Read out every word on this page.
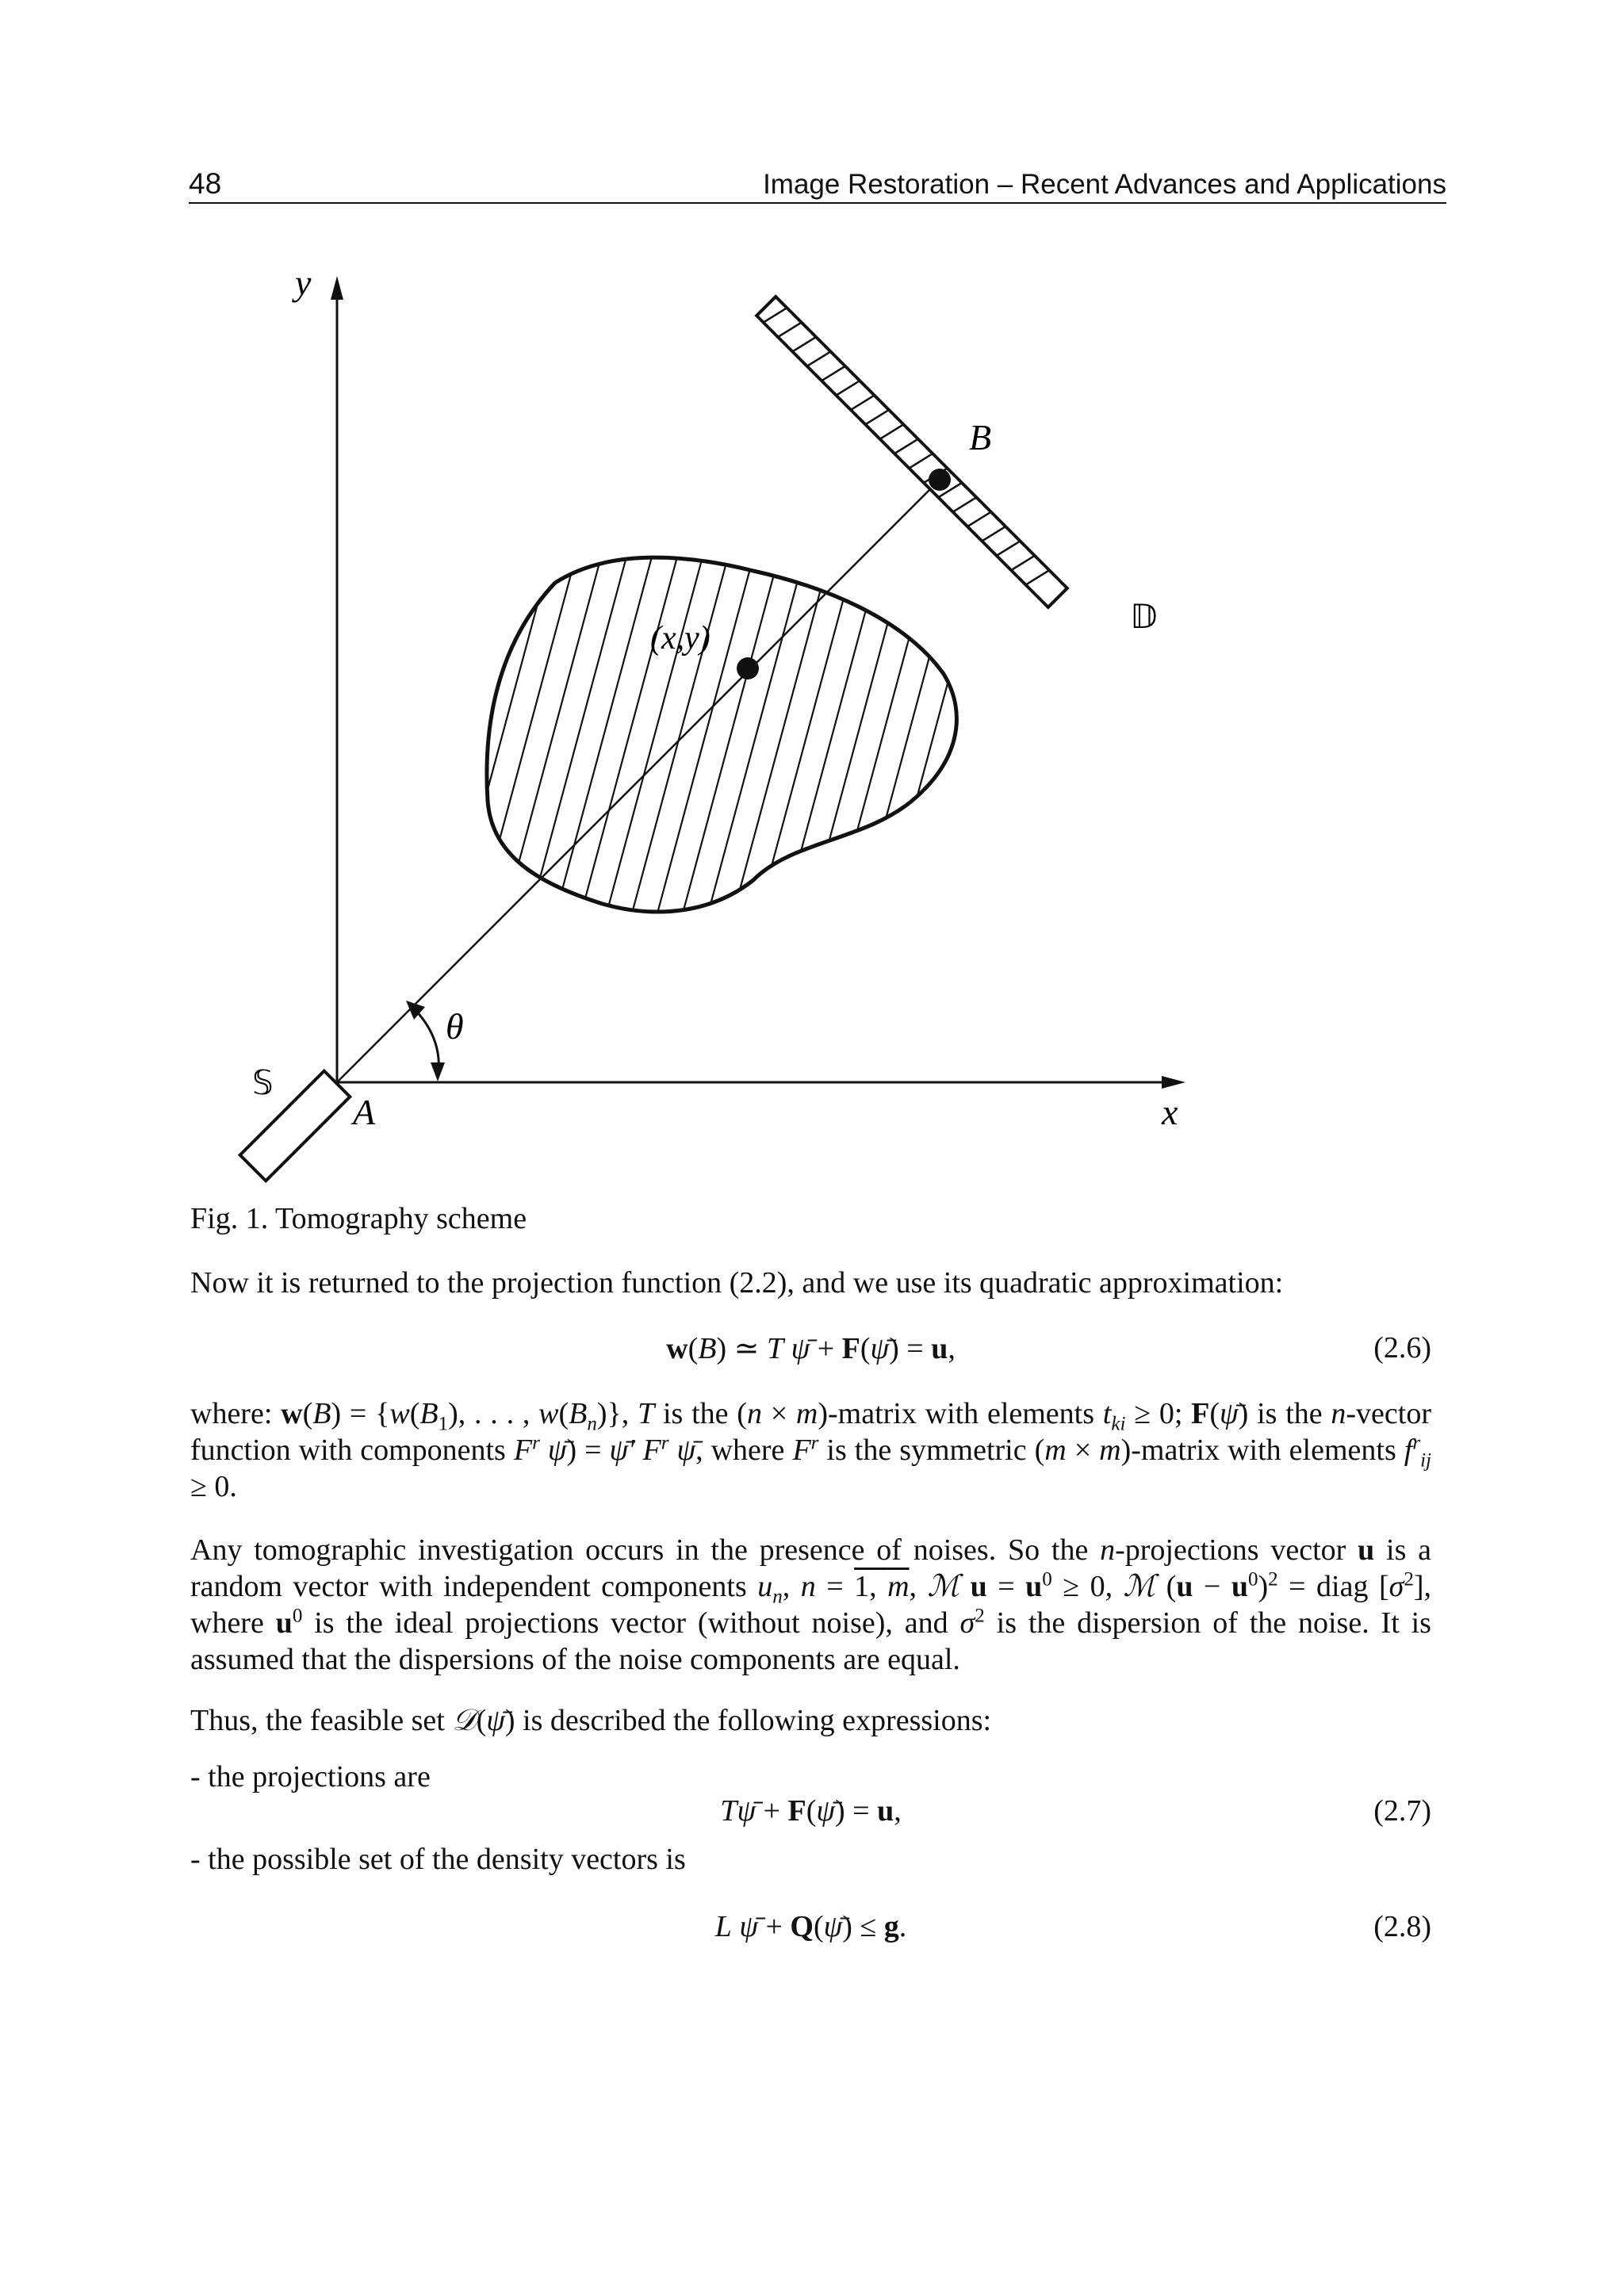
48	Image Restoration – Recent Advances and Applications
y
x
B
𝔻
𝕊
A
(x,y)
θ
Fig. 1. Tomography scheme

Now it is returned to the projection function (2.2), and we use its quadratic approximation:

w(B) ≃ T ψ̄ + F(ψ̄) = u,	(2.6)

where: $w(B) = \{w(B_1)$, . . . , $w(B_n)$}, T is the (n × m)-matrix with elements $t_{ki} \ge 0$; F(ψ̄) is the n-vector function with components $F^r$ ψ̄) = ψ̄′ $F^r$ ψ̄, where $F^r$ is the symmetric (m × m)-matrix with elements $f^r_{ij} \ge 0$.

Any tomographic investigation occurs in the presence of noises. So the n-projections vector u is a random vector with independent components $u_n$, n = 1, m, ℳ $u = u^0 \ge 0$, ℳ $(u - u^0)^2$ = diag $[\sigma^2]$, where $u^0$ is the ideal projections vector (without noise), and $\sigma^2$ is the dispersion of the noise. It is assumed that the dispersions of the noise components are equal.

Thus, the feasible set 𝒟(ψ̄) is described the following expressions:

- the projections are
Tψ̄ + F(ψ̄) = u,	(2.7)
- the possible set of the density vectors is
L ψ̄ + Q(ψ̄) ≤ g.	(2.8)
